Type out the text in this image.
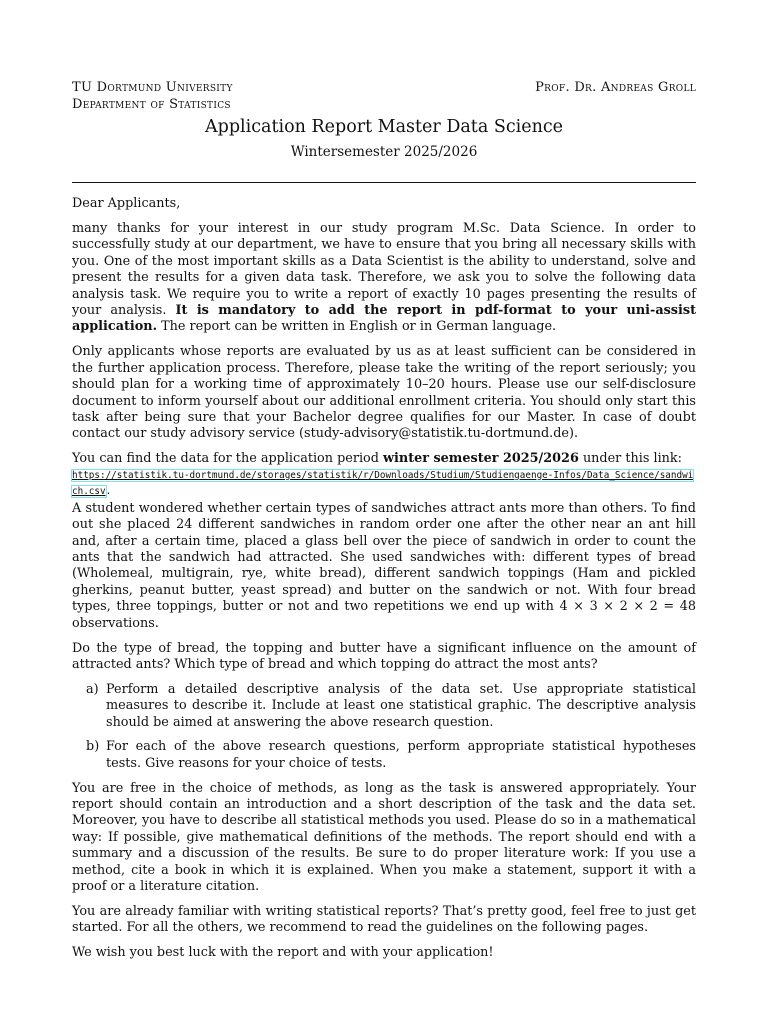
TU Dortmund University
Department of Statistics
Prof. Dr. Andreas Groll
Application Report Master Data Science
Wintersemester 2025/2026

Dear Applicants,

many thanks for your interest in our study program M.Sc. Data Science. In order to successfully study at our department, we have to ensure that you bring all necessary skills with you. One of the most important skills as a Data Scientist is the ability to understand, solve and present the results for a given data task. Therefore, we ask you to solve the following data analysis task. We require you to write a report of exactly 10 pages presenting the results of your analysis. It is mandatory to add the report in pdf-format to your uni-assist application. The report can be written in English or in German language.

Only applicants whose reports are evaluated by us as at least sufficient can be considered in the further application process. Therefore, please take the writing of the report seriously; you should plan for a working time of approximately 10–20 hours. Please use our self-disclosure document to inform yourself about our additional enrollment criteria. You should only start this task after being sure that your Bachelor degree qualifies for our Master. In case of doubt contact our study advisory service (study-advisory@statistik.tu-dortmund.de).

You can find the data for the application period winter semester 2025/2026 under this link:

https://statistik.tu-dortmund.de/storages/statistik/r/Downloads/Studium/Studiengaenge-Infos/Data_Science/sandwich.csv.

A student wondered whether certain types of sandwiches attract ants more than others. To find out she placed 24 different sandwiches in random order one after the other near an ant hill and, after a certain time, placed a glass bell over the piece of sandwich in order to count the ants that the sandwich had attracted. She used sandwiches with: different types of bread (Wholemeal, multigrain, rye, white bread), different sandwich toppings (Ham and pickled gherkins, peanut butter, yeast spread) and butter on the sandwich or not. With four bread types, three toppings, butter or not and two repetitions we end up with 4 × 3 × 2 × 2 = 48 observations.

Do the type of bread, the topping and butter have a significant influence on the amount of attracted ants? Which type of bread and which topping do attract the most ants?

a) Perform a detailed descriptive analysis of the data set. Use appropriate statistical measures to describe it. Include at least one statistical graphic. The descriptive analysis should be aimed at answering the above research question.
b) For each of the above research questions, perform appropriate statistical hypotheses tests. Give reasons for your choice of tests.

You are free in the choice of methods, as long as the task is answered appropriately. Your report should contain an introduction and a short description of the task and the data set. Moreover, you have to describe all statistical methods you used. Please do so in a mathematical way: If possible, give mathematical definitions of the methods. The report should end with a summary and a discussion of the results. Be sure to do proper literature work: If you use a method, cite a book in which it is explained. When you make a statement, support it with a proof or a literature citation.

You are already familiar with writing statistical reports? That’s pretty good, feel free to just get started. For all the others, we recommend to read the guidelines on the following pages.

We wish you best luck with the report and with your application!
